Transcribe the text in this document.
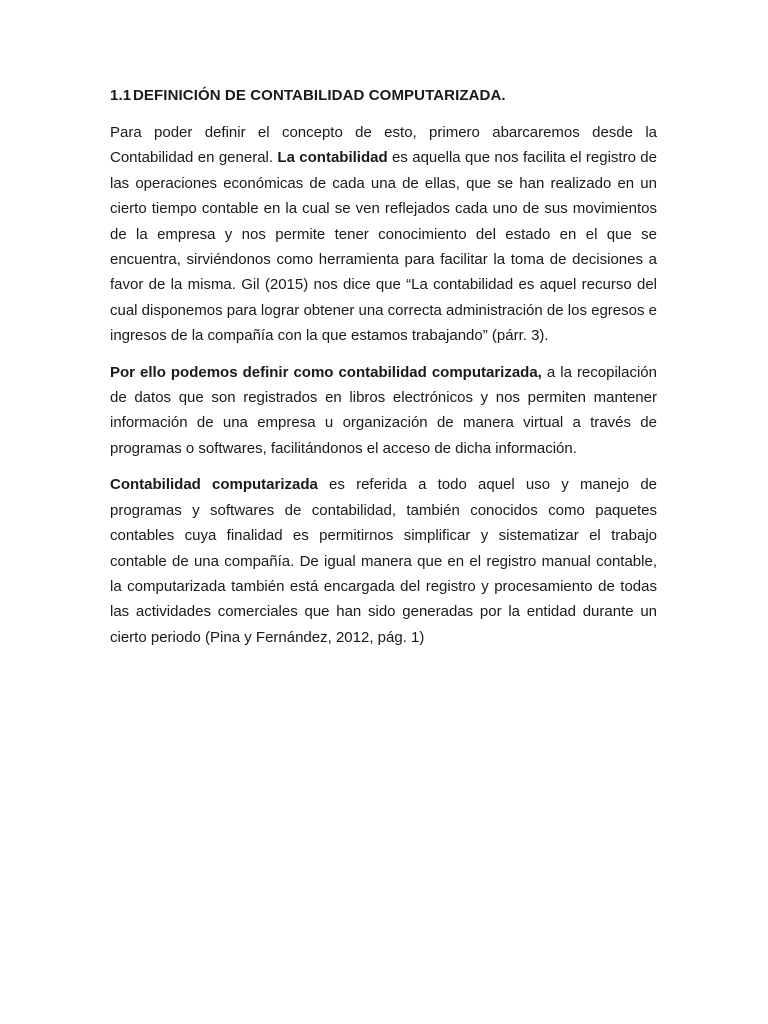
1.1 DEFINICIÓN DE CONTABILIDAD COMPUTARIZADA.

Para poder definir el concepto de esto, primero abarcaremos desde la Contabilidad en general. La contabilidad es aquella que nos facilita el registro de las operaciones económicas de cada una de ellas, que se han realizado en un cierto tiempo contable en la cual se ven reflejados cada uno de sus movimientos de la empresa y nos permite tener conocimiento del estado en el que se encuentra, sirviéndonos como herramienta para facilitar la toma de decisiones a favor de la misma. Gil (2015) nos dice que “La contabilidad es aquel recurso del cual disponemos para lograr obtener una correcta administración de los egresos e ingresos de la compañía con la que estamos trabajando” (párr. 3).

Por ello podemos definir como contabilidad computarizada, a la recopilación de datos que son registrados en libros electrónicos y nos permiten mantener información de una empresa u organización de manera virtual a través de programas o softwares, facilitándonos el acceso de dicha información.

Contabilidad computarizada es referida a todo aquel uso y manejo de programas y softwares de contabilidad, también conocidos como paquetes contables cuya finalidad es permitirnos simplificar y sistematizar el trabajo contable de una compañía. De igual manera que en el registro manual contable, la computarizada también está encargada del registro y procesamiento de todas las actividades comerciales que han sido generadas por la entidad durante un cierto periodo (Pina y Fernández, 2012, pág. 1)
